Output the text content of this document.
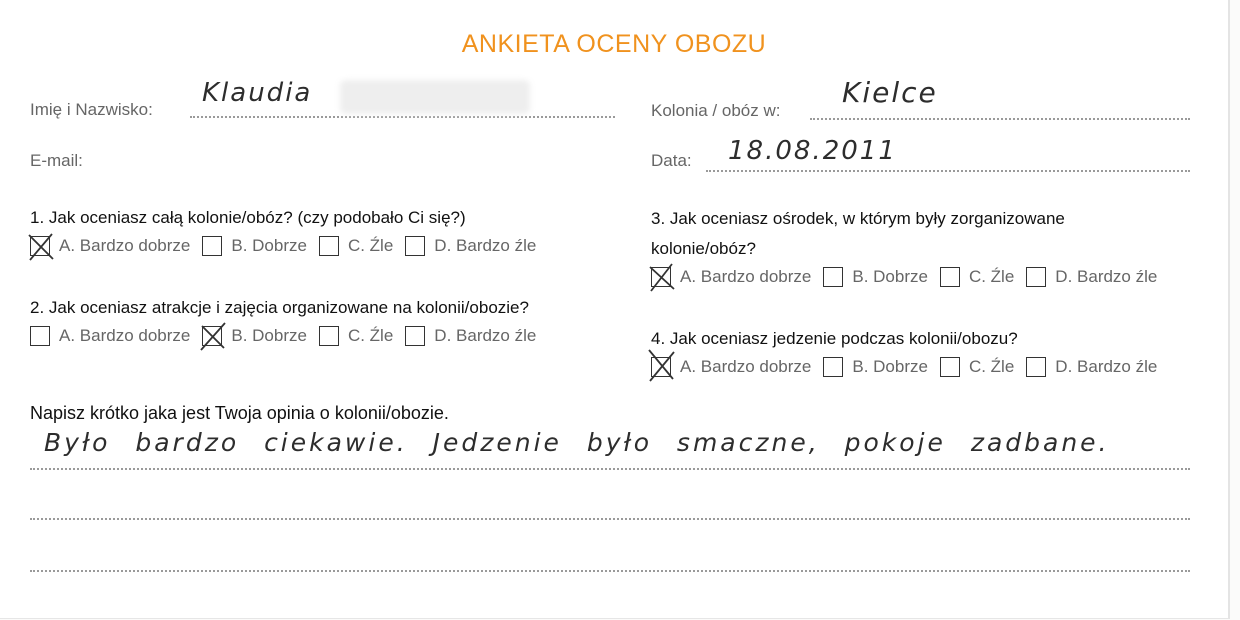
ANKIETA OCENY OBOZU
Imię i Nazwisko:
Klaudia
E-mail:
Kolonia / obóz w:
Kielce
Data: 18.08.2011
1. Jak oceniasz całą kolonie/obóz? (czy podobało Ci się?)
A. Bardzo dobrze B. Dobrze C. Źle D. Bardzo źle
2. Jak oceniasz atrakcje i zajęcia organizowane na kolonii/obozie?
A. Bardzo dobrze B. Dobrze C. Źle D. Bardzo źle
3. Jak oceniasz ośrodek, w którym były zorganizowane
kolonie/obóz?
A. Bardzo dobrze B. Dobrze C. Źle D. Bardzo źle
4. Jak oceniasz jedzenie podczas kolonii/obozu?
A. Bardzo dobrze B. Dobrze C. Źle D. Bardzo źle
Napisz krótko jaka jest Twoja opinia o kolonii/obozie.
Było bardzo ciekawie. Jedzenie było smaczne, pokoje zadbane.
